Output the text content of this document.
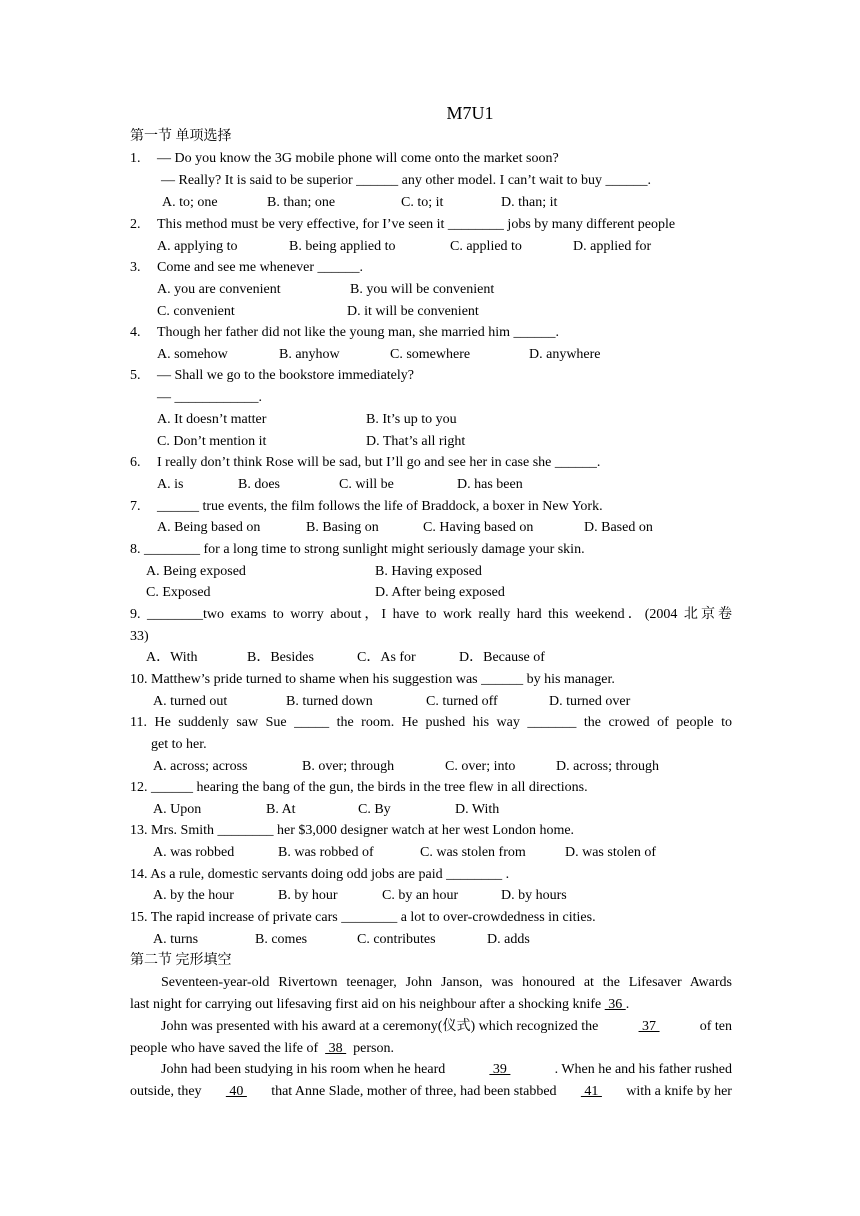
M7U1
第一节 单项选择
1. –– Do you know the 3G mobile phone will come onto the market soon?
–– Really? It is said to be superior ______ any other model. I can’t wait to buy ______.
A. to; one	B. than; one	C. to; it	D. than; it
2. This method must be very effective, for I’ve seen it ________ jobs by many different people
A. applying to	B. being applied to	C. applied to	D. applied for
3. Come and see me whenever ______.
A. you are convenient	B. you will be convenient
C. convenient	D. it will be convenient
4. Though her father did not like the young man, she married him ______.
A. somehow	B. anyhow	C. somewhere	D. anywhere
5. –– Shall we go to the bookstore immediately?
–– ____________.
A. It doesn’t matter	B. It’s up to you
C. Don’t mention it	D. That’s all right
6. I really don’t think Rose will be sad, but I’ll go and see her in case she ______.
A. is	B. does	C. will be	D. has been
7. ______ true events, the film follows the life of Braddock, a boxer in New York.
A. Being based on	B. Basing on	C. Having based on	D. Based on
8. ________ for a long time to strong sunlight might seriously damage your skin.
A. Being exposed	B. Having exposed
C. Exposed	D. After being exposed
9. ________two exams to worry about，I have to work really hard this weekend．(2004 北京卷
33)
A．With	B．Besides	C．As for	D．Because of
10. Matthew’s pride turned to shame when his suggestion was ______ by his manager.
A. turned out	B. turned down	C. turned off	D. turned over
11. He suddenly saw Sue _____ the room. He pushed his way _______ the crowed of people to
get to her.
A. across; across	B. over; through	C. over; into	D. across; through
12. ______ hearing the bang of the gun, the birds in the tree flew in all directions.
A. Upon	B. At	C. By	D. With
13. Mrs. Smith ________ her $3,000 designer watch at her west London home.
A. was robbed	B. was robbed of	C. was stolen from	D. was stolen of
14. As a rule, domestic servants doing odd jobs are paid ________ .
A. by the hour	B. by hour	C. by an hour	D. by hours
15. The rapid increase of private cars ________ a lot to over-crowdedness in cities.
A. turns	B. comes	C. contributes	D. adds
第二节 完形填空
Seventeen-year-old Rivertown teenager, John Janson, was honoured at the Lifesaver Awards
last night for carrying out lifesaving first aid on his neighbour after a shocking knife  36 .
John was presented with his award at a ceremony(仪式) which recognized the	37	of ten
people who have saved the life of   38   person.
John had been studying in his room when he heard	39	. When he and his father rushed
outside, they 40 that Anne Slade, mother of three, had been stabbed 41 with a knife by her
